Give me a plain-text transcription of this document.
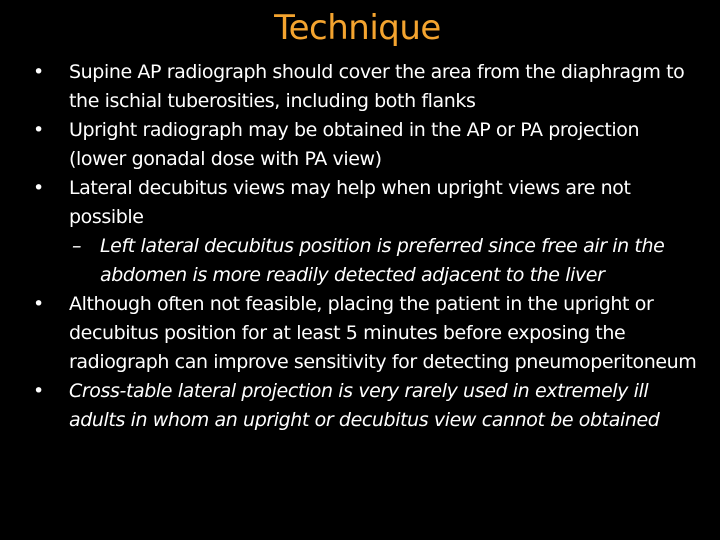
Technique
• Supine AP radiograph should cover the area from the diaphragm to the ischial tuberosities, including both flanks
• Upright radiograph may be obtained in the AP or PA projection (lower gonadal dose with PA view)
• Lateral decubitus views may help when upright views are not possible
– Left lateral decubitus position is preferred since free air in the abdomen is more readily detected adjacent to the liver
• Although often not feasible, placing the patient in the upright or decubitus position for at least 5 minutes before exposing the radiograph can improve sensitivity for detecting pneumoperitoneum
• Cross-table lateral projection is very rarely used in extremely ill adults in whom an upright or decubitus view cannot be obtained
